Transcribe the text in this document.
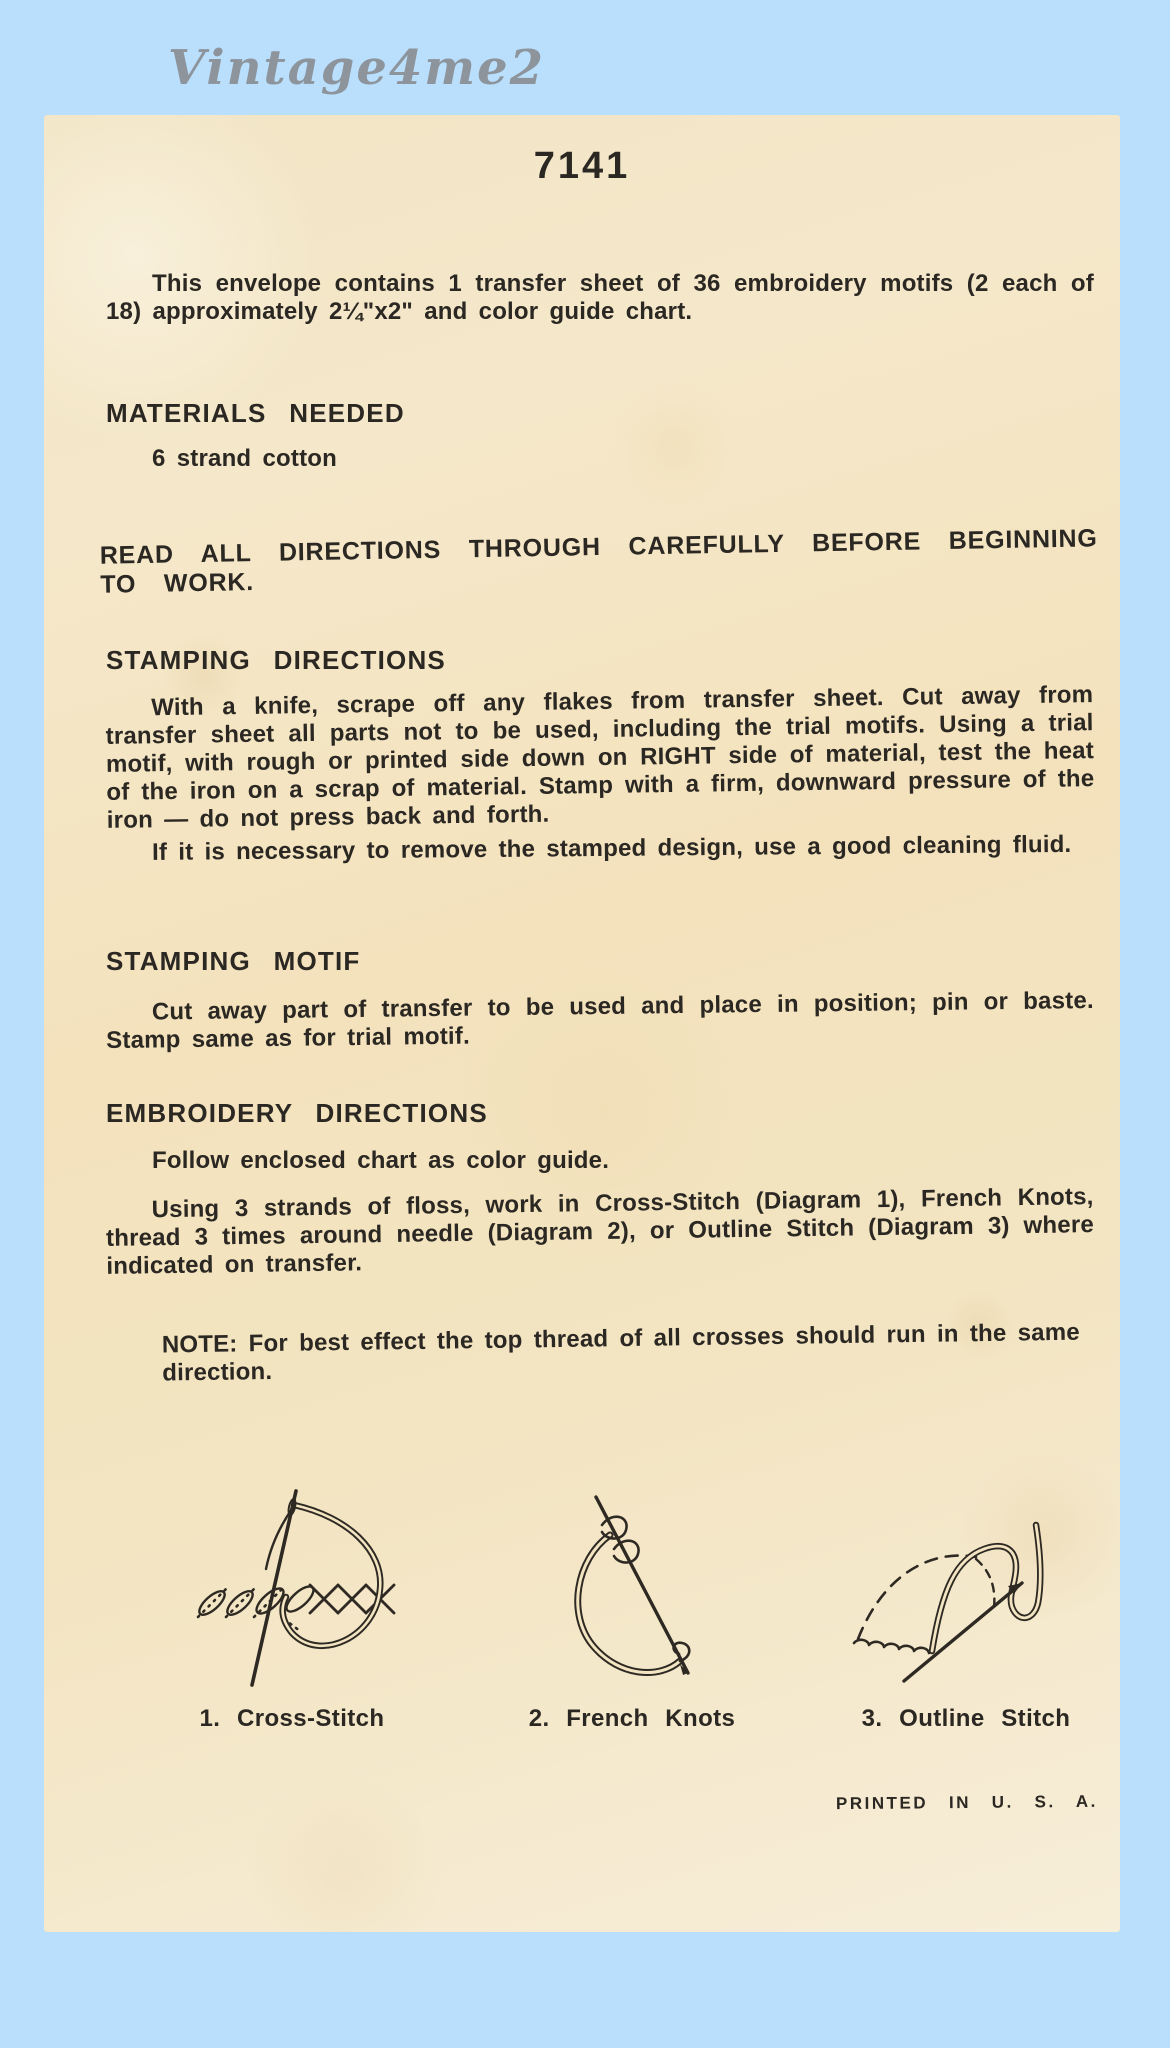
Vintage4me2
7141

This envelope contains 1 transfer sheet of 36 embroidery motifs (2 each of 18) approximately 2¼"x2" and color guide chart.

MATERIALS NEEDED

6 strand cotton

READ ALL DIRECTIONS THROUGH CAREFULLY BEFORE BEGINNING TO WORK.

STAMPING DIRECTIONS

With a knife, scrape off any flakes from transfer sheet. Cut away from transfer sheet all parts not to be used, including the trial motifs. Using a trial motif, with rough or printed side down on RIGHT side of material, test the heat of the iron on a scrap of material. Stamp with a firm, downward pressure of the iron — do not press back and forth.

If it is necessary to remove the stamped design, use a good cleaning fluid.

STAMPING MOTIF

Cut away part of transfer to be used and place in position; pin or baste. Stamp same as for trial motif.

EMBROIDERY DIRECTIONS

Follow enclosed chart as color guide.

Using 3 strands of floss, work in Cross-Stitch (Diagram 1), French Knots, thread 3 times around needle (Diagram 2), or Outline Stitch (Diagram 3) where indicated on transfer.

NOTE: For best effect the top thread of all crosses should run in the same direction.

1. Cross-Stitch	2. French Knots	3. Outline Stitch
PRINTED IN U. S. A.
